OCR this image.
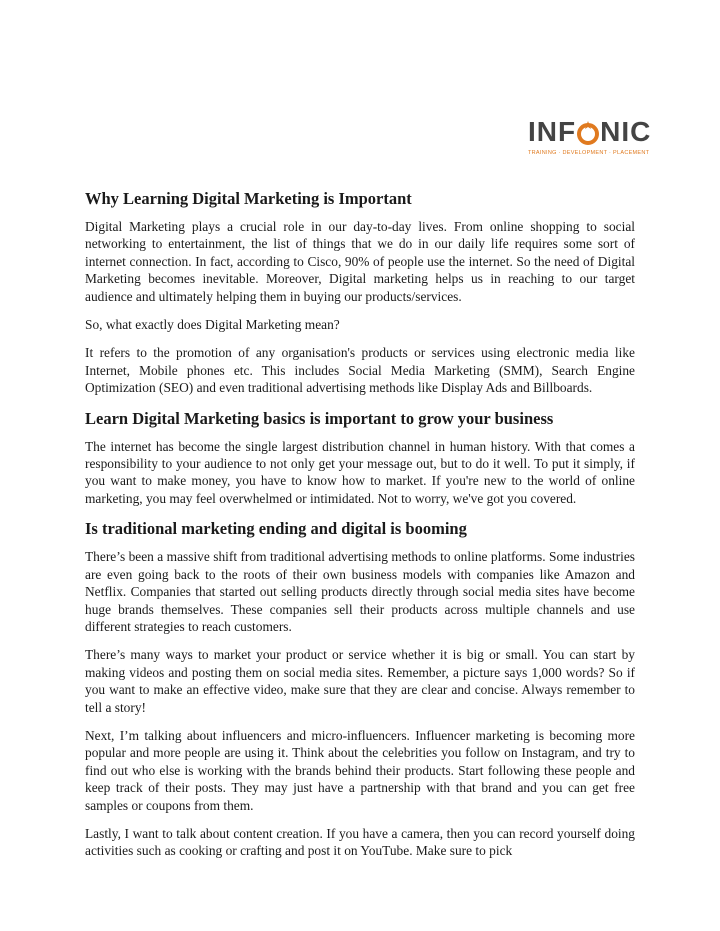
INF NIC
TRAINING · DEVELOPMENT · PLACEMENT
Why Learning Digital Marketing is Important

Digital Marketing plays a crucial role in our day-to-day lives. From online shopping to social networking to entertainment, the list of things that we do in our daily life requires some sort of internet connection. In fact, according to Cisco, 90% of people use the internet. So the need of Digital Marketing becomes inevitable. Moreover, Digital marketing helps us in reaching to our target audience and ultimately helping them in buying our products/services.

So, what exactly does Digital Marketing mean?

It refers to the promotion of any organisation's products or services using electronic media like Internet, Mobile phones etc. This includes Social Media Marketing (SMM), Search Engine Optimization (SEO) and even traditional advertising methods like Display Ads and Billboards.

Learn Digital Marketing basics is important to grow your business

The internet has become the single largest distribution channel in human history. With that comes a responsibility to your audience to not only get your message out, but to do it well. To put it simply, if you want to make money, you have to know how to market. If you're new to the world of online marketing, you may feel overwhelmed or intimidated. Not to worry, we've got you covered.

Is traditional marketing ending and digital is booming

There’s been a massive shift from traditional advertising methods to online platforms. Some industries are even going back to the roots of their own business models with companies like Amazon and Netflix. Companies that started out selling products directly through social media sites have become huge brands themselves. These companies sell their products across multiple channels and use different strategies to reach customers.

There’s many ways to market your product or service whether it is big or small. You can start by making videos and posting them on social media sites. Remember, a picture says 1,000 words? So if you want to make an effective video, make sure that they are clear and concise. Always remember to tell a story!

Next, I’m talking about influencers and micro-influencers. Influencer marketing is becoming more popular and more people are using it. Think about the celebrities you follow on Instagram, and try to find out who else is working with the brands behind their products. Start following these people and keep track of their posts. They may just have a partnership with that brand and you can get free samples or coupons from them.

Lastly, I want to talk about content creation. If you have a camera, then you can record yourself doing activities such as cooking or crafting and post it on YouTube. Make sure to pick
